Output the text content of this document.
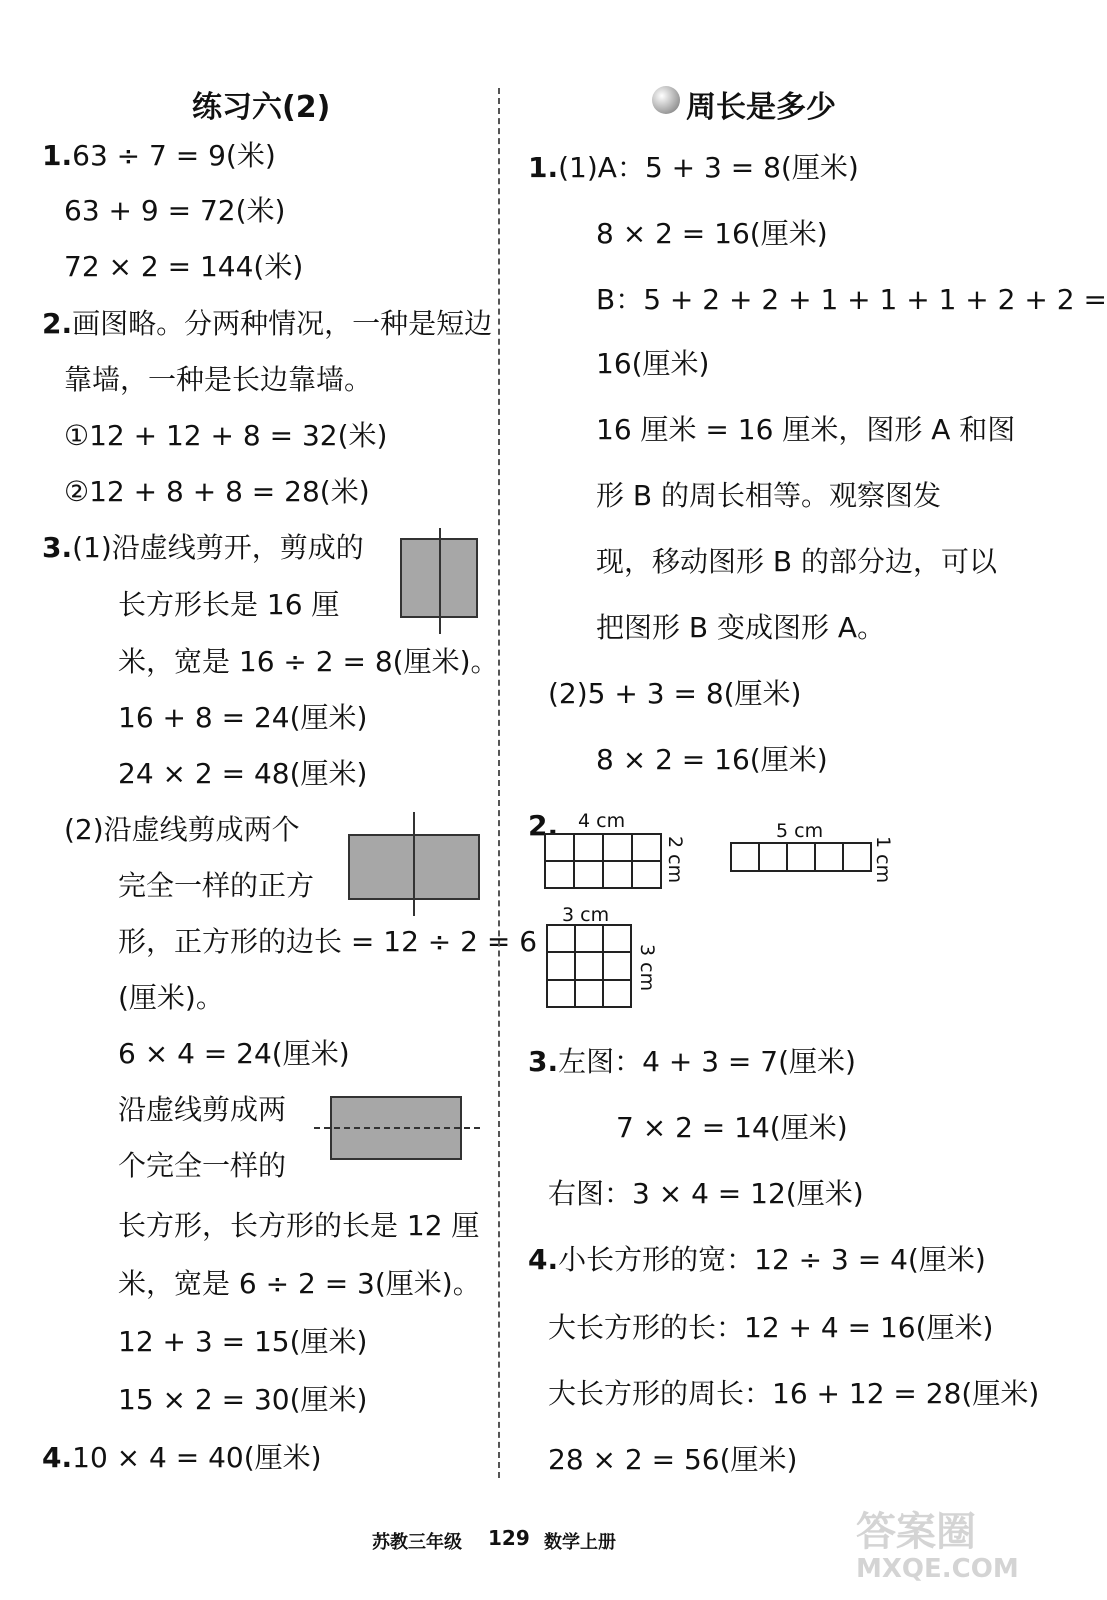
练习六(2)
1.63 ÷ 7 = 9(米)
63 + 9 = 72(米)
72 × 2 = 144(米)
2.画图略。分两种情况，一种是短边
靠墙，一种是长边靠墙。
①12 + 12 + 8 = 32(米)
②12 + 8 + 8 = 28(米)
3.(1)沿虚线剪开，剪成的
长方形长是 16 厘
米，宽是 16 ÷ 2 = 8(厘米)。
16 + 8 = 24(厘米)
24 × 2 = 48(厘米)
(2)沿虚线剪成两个
完全一样的正方
形，正方形的边长 = 12 ÷ 2 = 6
(厘米)。
6 × 4 = 24(厘米)
沿虚线剪成两
个完全一样的
长方形，长方形的长是 12 厘
米，宽是 6 ÷ 2 = 3(厘米)。
12 + 3 = 15(厘米)
15 × 2 = 30(厘米)
4.10 × 4 = 40(厘米)
周长是多少
1.(1)A：5 + 3 = 8(厘米)
8 × 2 = 16(厘米)
B：5 + 2 + 2 + 1 + 1 + 1 + 2 + 2 =
16(厘米)
16 厘米 = 16 厘米，图形 A 和图
形 B 的周长相等。观察图发
现，移动图形 B 的部分边，可以
把图形 B 变成图形 A。
(2)5 + 3 = 8(厘米)
8 × 2 = 16(厘米)
2. 4 cm
2 cm
5 cm
1 cm
3 cm
3 cm
3.左图：4 + 3 = 7(厘米)
7 × 2 = 14(厘米)
右图：3 × 4 = 12(厘米)
4.小长方形的宽：12 ÷ 3 = 4(厘米)
大长方形的长：12 + 4 = 16(厘米)
大长方形的周长：16 + 12 = 28(厘米)
28 × 2 = 56(厘米)
苏教三年级 129 数学上册	答案圈
MXQE.COM
